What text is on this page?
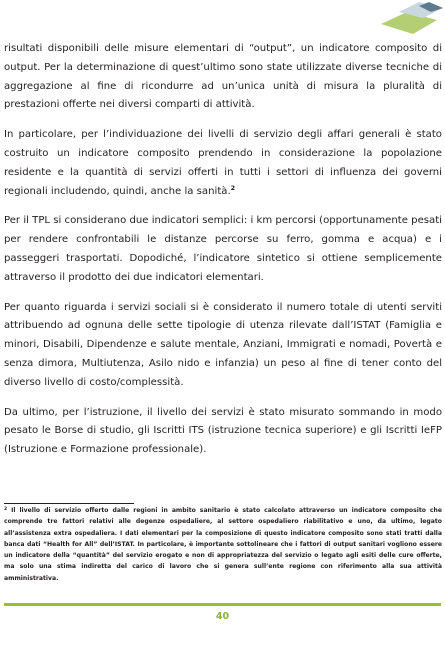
risultati disponibili delle misure elementari di “output”, un indicatore composito di output. Per la determinazione di quest’ultimo sono state utilizzate diverse tecniche di aggregazione al fine di ricondurre ad un’unica unità di misura la pluralità di prestazioni offerte nei diversi comparti di attività.

In particolare, per l’individuazione dei livelli di servizio degli affari generali è stato costruito un indicatore composito prendendo in considerazione la popolazione residente e la quantità di servizi offerti in tutti i settori di influenza dei governi regionali includendo, quindi, anche la sanità.$^2$

Per il TPL si considerano due indicatori semplici: i km percorsi (opportunamente pesati per rendere confrontabili le distanze percorse su ferro, gomma e acqua) e i passeggeri trasportati. Dopodiché, l’indicatore sintetico si ottiene semplicemente attraverso il prodotto dei due indicatori elementari.

Per quanto riguarda i servizi sociali si è considerato il numero totale di utenti serviti attribuendo ad ognuna delle sette tipologie di utenza rilevate dall’ISTAT (Famiglia e minori, Disabili, Dipendenze e salute mentale, Anziani, Immigrati e nomadi, Povertà e senza dimora, Multiutenza, Asilo nido e infanzia) un peso al fine di tener conto del diverso livello di costo/complessità.

Da ultimo, per l’istruzione, il livello dei servizi è stato misurato sommando in modo pesato le Borse di studio, gli Iscritti ITS (istruzione tecnica superiore) e gli Iscritti IeFP (Istruzione e Formazione professionale).

$^2$ Il livello di servizio offerto dalle regioni in ambito sanitario è stato calcolato attraverso un indicatore composito che comprende tre fattori relativi alle degenze ospedaliere, al settore ospedaliero riabilitativo e uno, da ultimo, legato all’assistenza extra ospedaliera. I dati elementari per la composizione di questo indicatore composito sono stati tratti dalla banca dati “Health for All” dell’ISTAT. In particolare, è importante sottolineare che i fattori di output sanitari vogliono essere un indicatore della “quantità” del servizio erogato e non di appropriatezza del servizio o legato agli esiti delle cure offerte, ma solo una stima indiretta del carico di lavoro che si genera sull’ente regione con riferimento alla sua attività amministrativa.

40
